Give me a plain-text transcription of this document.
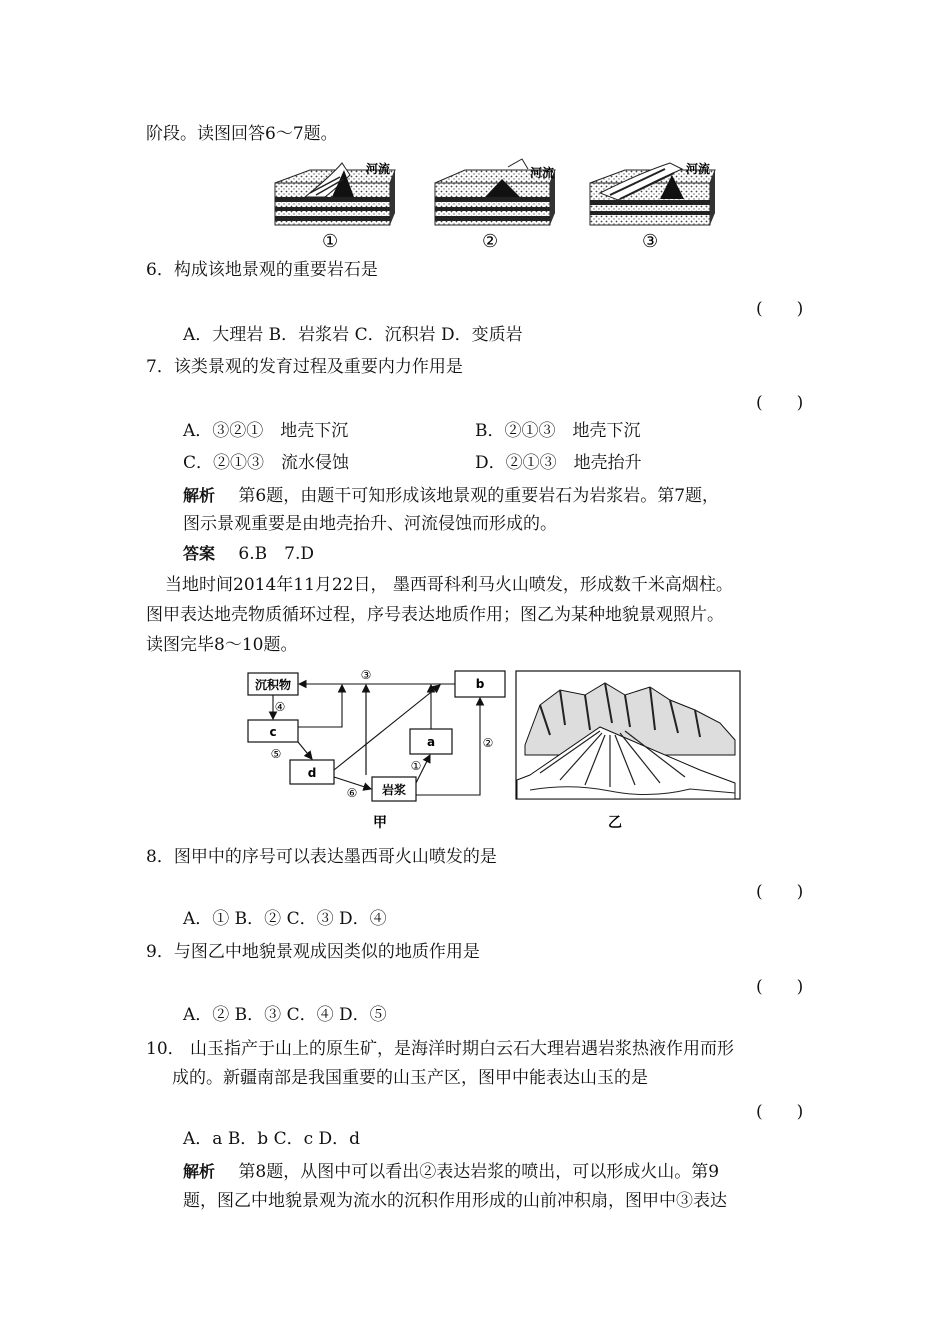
阶段。读图回答6～7题。
河流
①
河流
②
河流
③
6．构成该地景观的重要岩石是
(　　)
A．大理岩 B．岩浆岩 C．沉积岩 D．变质岩
7．该类景观的发育过程及重要内力作用是
(　　)
A．③②①　地壳下沉	B．②①③　地壳下沉
C．②①③　流水侵蚀	D．②①③　地壳抬升
解析 第6题，由题干可知形成该地景观的重要岩石为岩浆岩。第7题，
图示景观重要是由地壳抬升、河流侵蚀而形成的。
答案 6.B　7.D
当地时间2014年11月22日， 墨西哥科利马火山喷发，形成数千米高烟柱。
图甲表达地壳物质循环过程，序号表达地质作用；图乙为某种地貌景观照片。
读图完毕8～10题。
沉积物	b
c
a
d
岩浆
③
④
⑤
⑥
①
②
甲	乙
8．图甲中的序号可以表达墨西哥火山喷发的是
(　　)
A．① B．② C．③ D．④
9．与图乙中地貌景观成因类似的地质作用是
(　　)
A．② B．③ C．④ D．⑤
10． 山玉指产于山上的原生矿，是海洋时期白云石大理岩遇岩浆热液作用而形
成的。新疆南部是我国重要的山玉产区，图甲中能表达山玉的是
(　　)
A．a B．b C．c D．d
解析 第8题，从图中可以看出②表达岩浆的喷出，可以形成火山。第9
题，图乙中地貌景观为流水的沉积作用形成的山前冲积扇，图甲中③表达
